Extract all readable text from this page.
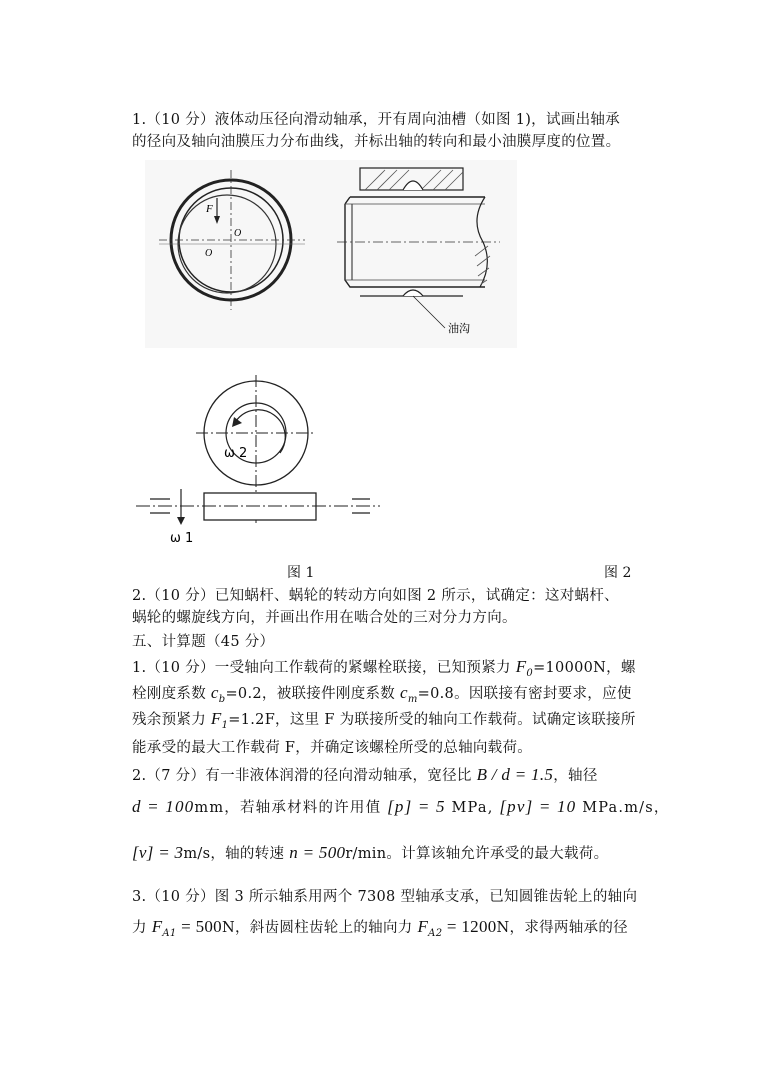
1.（10 分）液体动压径向滑动轴承，开有周向油槽（如图 1)，试画出轴承
的径向及轴向油膜压力分布曲线，并标出轴的转向和最小油膜厚度的位置。
F
O
O
油沟
ω 2
ω 1
图 1	图 2
2.（10 分）已知蜗杆、蜗轮的转动方向如图 2 所示，试确定：这对蜗杆、
蜗轮的螺旋线方向，并画出作用在啮合处的三对分力方向。
五、计算题（45 分）
1.（10 分）一受轴向工作载荷的紧螺栓联接，已知预紧力 $F_0=10000N$，螺
栓刚度系数 $c_b=0.2$，被联接件刚度系数 $c_m=0.8$。因联接有密封要求，应使
残余预紧力 $F_1=1.2F$，这里 F 为联接所受的轴向工作载荷。试确定该联接所
能承受的最大工作载荷 F，并确定该螺栓所受的总轴向载荷。
2.（7 分）有一非液体润滑的径向滑动轴承，宽径比 B / d = 1.5，轴径
d = 100mm，若轴承材料的许用值 [p] = 5 MPa, [pv] = 10 MPa.m/s，
[v] = 3m/s，轴的转速 n = 500r/min。计算该轴允许承受的最大载荷。
3.（10 分）图 3 所示轴系用两个 7308 型轴承支承，已知圆锥齿轮上的轴向
力 $F_{A1} = 500N$，斜齿圆柱齿轮上的轴向力 $F_{A2} = 1200N$，求得两轴承的径
